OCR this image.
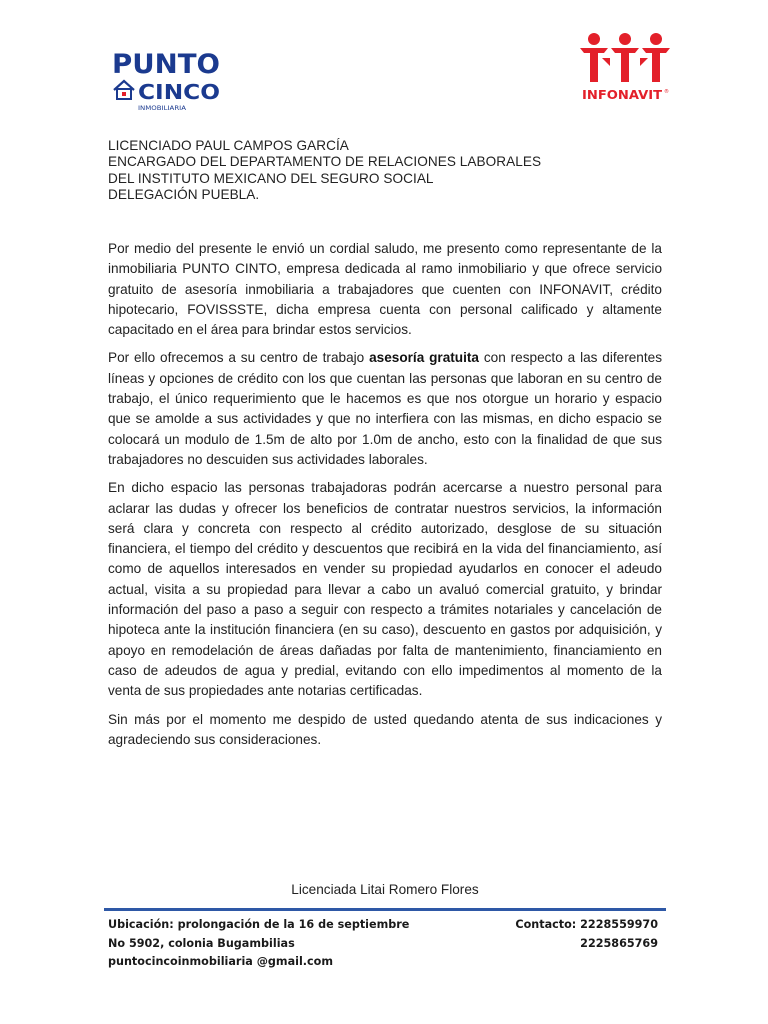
PUNTO
CINCO
INMOBILIARIA
INFONAVIT ®
LICENCIADO PAUL CAMPOS GARCÍA
ENCARGADO DEL DEPARTAMENTO DE RELACIONES LABORALES
DEL INSTITUTO MEXICANO DEL SEGURO SOCIAL
DELEGACIÓN PUEBLA.

Por medio del presente le envió un cordial saludo, me presento como representante de la inmobiliaria PUNTO CINTO, empresa dedicada al ramo inmobiliario y que ofrece servicio gratuito de asesoría inmobiliaria a trabajadores que cuenten con INFONAVIT, crédito hipotecario, FOVISSSTE, dicha empresa cuenta con personal calificado y altamente capacitado en el área para brindar estos servicios.

Por ello ofrecemos a su centro de trabajo asesoría gratuita con respecto a las diferentes líneas y opciones de crédito con los que cuentan las personas que laboran en su centro de trabajo, el único requerimiento que le hacemos es que nos otorgue un horario y espacio que se amolde a sus actividades y que no interfiera con las mismas, en dicho espacio se colocará un modulo de 1.5m de alto por 1.0m de ancho, esto con la finalidad de que sus trabajadores no descuiden sus actividades laborales.

En dicho espacio las personas trabajadoras podrán acercarse a nuestro personal para aclarar las dudas y ofrecer los beneficios de contratar nuestros servicios, la información será clara y concreta con respecto al crédito autorizado, desglose de su situación financiera, el tiempo del crédito y descuentos que recibirá en la vida del financiamiento, así como de aquellos interesados en vender su propiedad ayudarlos en conocer el adeudo actual, visita a su propiedad para llevar a cabo un avaluó comercial gratuito, y brindar información del paso a paso a seguir con respecto a trámites notariales y cancelación de hipoteca ante la institución financiera (en su caso), descuento en gastos por adquisición, y apoyo en remodelación de áreas dañadas por falta de mantenimiento, financiamiento en caso de adeudos de agua y predial, evitando con ello impedimentos al momento de la venta de sus propiedades ante notarias certificadas.

Sin más por el momento me despido de usted quedando atenta de sus indicaciones y agradeciendo sus consideraciones.

Licenciada Litai Romero Flores
Ubicación: prolongación de la 16 de septiembre
No 5902, colonia Bugambilias
puntocincoinmobiliaria @gmail.com
Contacto: 2228559970
2225865769
